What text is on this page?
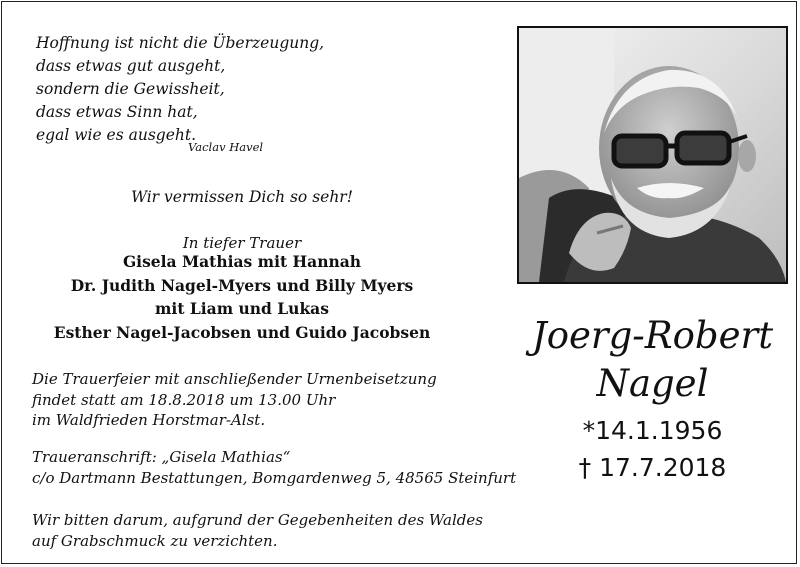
Hoffnung ist nicht die Überzeugung,
dass etwas gut ausgeht,
sondern die Gewissheit,
dass etwas Sinn hat,
egal wie es ausgeht.
Vaclav Havel
Wir vermissen Dich so sehr!
In tiefer Trauer
Gisela Mathias mit Hannah
Dr. Judith Nagel-Myers und Billy Myers
mit Liam und Lukas
Esther Nagel-Jacobsen und Guido Jacobsen
Die Trauerfeier mit anschließender Urnenbeisetzung
findet statt am 18.8.2018 um 13.00 Uhr
im Waldfrieden Horstmar-Alst.
Traueranschrift: „Gisela Mathias“
c/o Dartmann Bestattungen, Bomgardenweg 5, 48565 Steinfurt
Wir bitten darum, aufgrund der Gegebenheiten des Waldes
auf Grabschmuck zu verzichten.
Joerg-Robert
Nagel
*14.1.1956
† 17.7.2018
